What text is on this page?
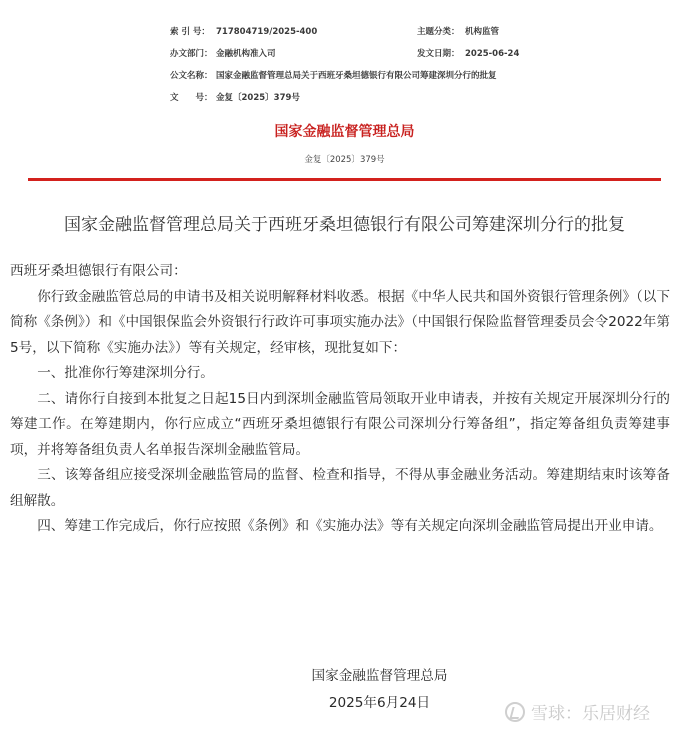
索 引 号： 717804719/2025-400	主题分类： 机构监管
办文部门： 金融机构准入司	发文日期： 2025-06-24
公文名称： 国家金融监督管理总局关于西班牙桑坦德银行有限公司筹建深圳分行的批复
文　　号： 金复〔2025〕379号
国家金融监督管理总局
金复〔2025〕379号
国家金融监督管理总局关于西班牙桑坦德银行有限公司筹建深圳分行的批复

西班牙桑坦德银行有限公司：

你行致金融监管总局的申请书及相关说明解释材料收悉。根据《中华人民共和国外资银行管理条例》（以下简称《条例》）和《中国银保监会外资银行行政许可事项实施办法》（中国银行保险监督管理委员会令2022年第5号，以下简称《实施办法》）等有关规定，经审核，现批复如下：

一、批准你行筹建深圳分行。

二、请你行自接到本批复之日起15日内到深圳金融监管局领取开业申请表，并按有关规定开展深圳分行的筹建工作。在筹建期内，你行应成立“西班牙桑坦德银行有限公司深圳分行筹备组”，指定筹备组负责筹建事项，并将筹备组负责人名单报告深圳金融监管局。

三、该筹备组应接受深圳金融监管局的监督、检查和指导，不得从事金融业务活动。筹建期结束时该筹备组解散。

四、筹建工作完成后，你行应按照《条例》和《实施办法》等有关规定向深圳金融监管局提出开业申请。

国家金融监督管理总局
2025年6月24日
雪球：乐居财经
